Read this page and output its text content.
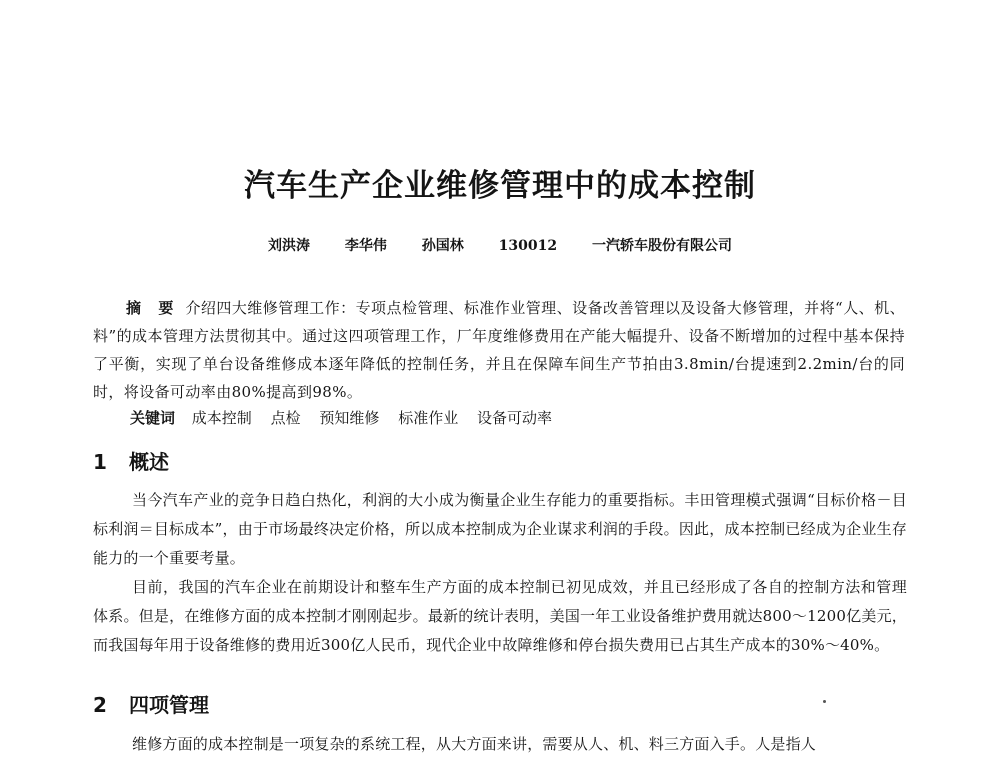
汽车生产企业维修管理中的成本控制
刘洪涛 李华伟 孙国林 130012 一汽轿车股份有限公司

摘 要 介绍四大维修管理工作：专项点检管理、标准作业管理、设备改善管理以及设备大修管理，并将“人、机、料”的成本管理方法贯彻其中。通过这四项管理工作，厂年度维修费用在产能大幅提升、设备不断增加的过程中基本保持了平衡，实现了单台设备维修成本逐年降低的控制任务，并且在保障车间生产节拍由3.8min/台提速到2.2min/台的同时，将设备可动率由80%提高到98%。

关键词 成本控制 点检 预知维修 标准作业 设备可动率
1 概述

当今汽车产业的竞争日趋白热化，利润的大小成为衡量企业生存能力的重要指标。丰田管理模式强调“目标价格－目标利润＝目标成本”，由于市场最终决定价格，所以成本控制成为企业谋求利润的手段。因此，成本控制已经成为企业生存能力的一个重要考量。

目前，我国的汽车企业在前期设计和整车生产方面的成本控制已初见成效，并且已经形成了各自的控制方法和管理体系。但是，在维修方面的成本控制才刚刚起步。最新的统计表明，美国一年工业设备维护费用就达800～1200亿美元，而我国每年用于设备维修的费用近300亿人民币，现代企业中故障维修和停台损失费用已占其生产成本的30%～40%。

2 四项管理

维修方面的成本控制是一项复杂的系统工程，从大方面来讲，需要从人、机、料三方面入手。人是指人
